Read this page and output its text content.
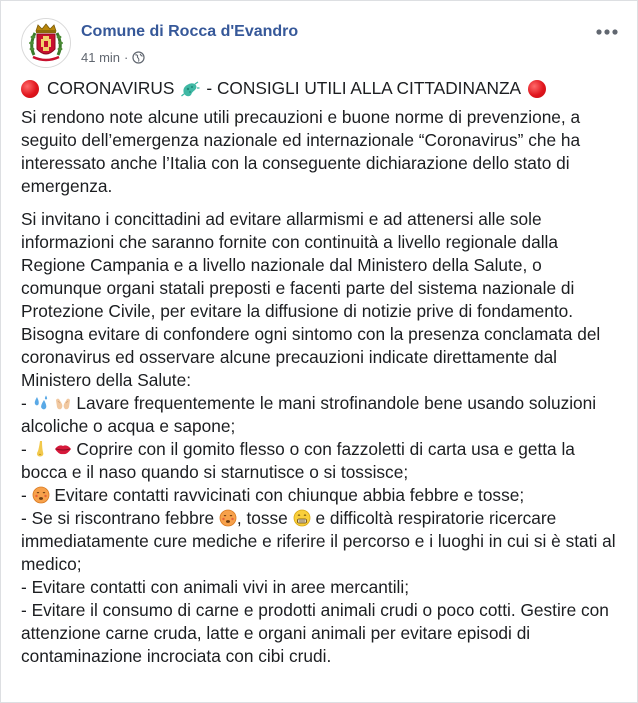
Comune di Rocca d'Evandro
41 min ·

CORONAVIRUS - CONSIGLI UTILI ALLA CITTADINANZA

Si rendono note alcune utili precauzioni e buone norme di prevenzione, a seguito dell’emergenza nazionale ed internazionale “Coronavirus” che ha interessato anche l’Italia con la conseguente dichiarazione dello stato di emergenza.

Si invitano i concittadini ad evitare allarmismi e ad attenersi alle sole informazioni che saranno fornite con continuità a livello regionale dalla Regione Campania e a livello nazionale dal Ministero della Salute, o comunque organi statali preposti e facenti parte del sistema nazionale di Protezione Civile, per evitare la diffusione di notizie prive di fondamento.

Bisogna evitare di confondere ogni sintomo con la presenza conclamata del coronavirus ed osservare alcune precauzioni indicate direttamente dal Ministero della Salute:

-	Lavare frequentemente le mani strofinandole bene usando soluzioni alcoliche o acqua e sapone;

-	Coprire con il gomito flesso o con fazzoletti di carta usa e getta la bocca e il naso quando si starnutisce o si tossisce;

-  Evitare contatti ravvicinati con chiunque abbia febbre e tosse;

- Se si riscontrano febbre , tosse e difficoltà respiratorie ricercare immediatamente cure mediche e riferire il percorso e i luoghi in cui si è stati al medico;

- Evitare contatti con animali vivi in aree mercantili;

- Evitare il consumo di carne e prodotti animali crudi o poco cotti. Gestire con attenzione carne cruda, latte e organi animali per evitare episodi di contaminazione incrociata con cibi crudi.
